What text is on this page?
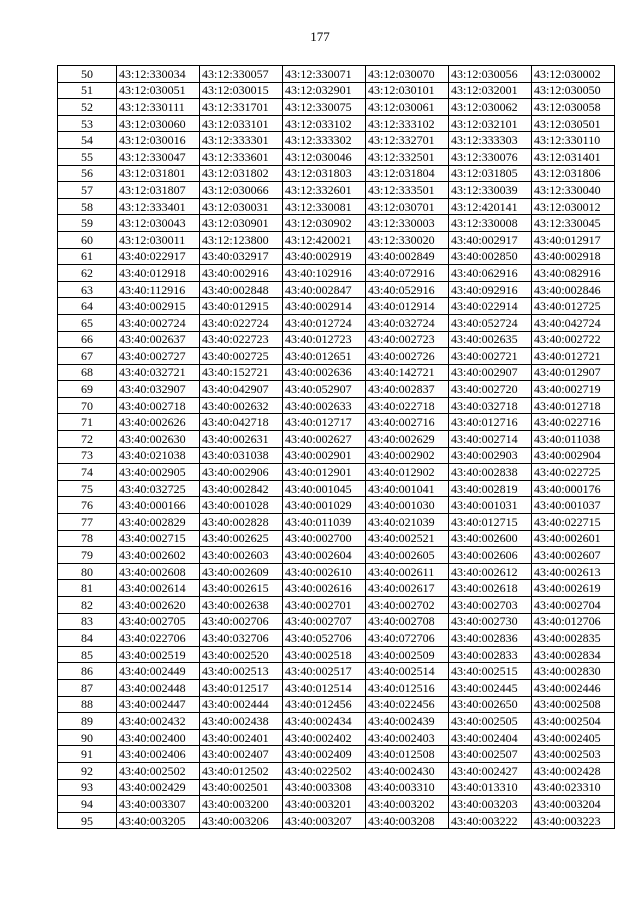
177
50	43:12:330034	43:12:330057	43:12:330071	43:12:030070	43:12:030056	43:12:030002
51	43:12:030051	43:12:030015	43:12:032901	43:12:030101	43:12:032001	43:12:030050
52	43:12:330111	43:12:331701	43:12:330075	43:12:030061	43:12:030062	43:12:030058
53	43:12:030060	43:12:033101	43:12:033102	43:12:333102	43:12:032101	43:12:030501
54	43:12:030016	43:12:333301	43:12:333302	43:12:332701	43:12:333303	43:12:330110
55	43:12:330047	43:12:333601	43:12:030046	43:12:332501	43:12:330076	43:12:031401
56	43:12:031801	43:12:031802	43:12:031803	43:12:031804	43:12:031805	43:12:031806
57	43:12:031807	43:12:030066	43:12:332601	43:12:333501	43:12:330039	43:12:330040
58	43:12:333401	43:12:030031	43:12:330081	43:12:030701	43:12:420141	43:12:030012
59	43:12:030043	43:12:030901	43:12:030902	43:12:330003	43:12:330008	43:12:330045
60	43:12:030011	43:12:123800	43:12:420021	43:12:330020	43:40:002917	43:40:012917
61	43:40:022917	43:40:032917	43:40:002919	43:40:002849	43:40:002850	43:40:002918
62	43:40:012918	43:40:002916	43:40:102916	43:40:072916	43:40:062916	43:40:082916
63	43:40:112916	43:40:002848	43:40:002847	43:40:052916	43:40:092916	43:40:002846
64	43:40:002915	43:40:012915	43:40:002914	43:40:012914	43:40:022914	43:40:012725
65	43:40:002724	43:40:022724	43:40:012724	43:40:032724	43:40:052724	43:40:042724
66	43:40:002637	43:40:022723	43:40:012723	43:40:002723	43:40:002635	43:40:002722
67	43:40:002727	43:40:002725	43:40:012651	43:40:002726	43:40:002721	43:40:012721
68	43:40:032721	43:40:152721	43:40:002636	43:40:142721	43:40:002907	43:40:012907
69	43:40:032907	43:40:042907	43:40:052907	43:40:002837	43:40:002720	43:40:002719
70	43:40:002718	43:40:002632	43:40:002633	43:40:022718	43:40:032718	43:40:012718
71	43:40:002626	43:40:042718	43:40:012717	43:40:002716	43:40:012716	43:40:022716
72	43:40:002630	43:40:002631	43:40:002627	43:40:002629	43:40:002714	43:40:011038
73	43:40:021038	43:40:031038	43:40:002901	43:40:002902	43:40:002903	43:40:002904
74	43:40:002905	43:40:002906	43:40:012901	43:40:012902	43:40:002838	43:40:022725
75	43:40:032725	43:40:002842	43:40:001045	43:40:001041	43:40:002819	43:40:000176
76	43:40:000166	43:40:001028	43:40:001029	43:40:001030	43:40:001031	43:40:001037
77	43:40:002829	43:40:002828	43:40:011039	43:40:021039	43:40:012715	43:40:022715
78	43:40:002715	43:40:002625	43:40:002700	43:40:002521	43:40:002600	43:40:002601
79	43:40:002602	43:40:002603	43:40:002604	43:40:002605	43:40:002606	43:40:002607
80	43:40:002608	43:40:002609	43:40:002610	43:40:002611	43:40:002612	43:40:002613
81	43:40:002614	43:40:002615	43:40:002616	43:40:002617	43:40:002618	43:40:002619
82	43:40:002620	43:40:002638	43:40:002701	43:40:002702	43:40:002703	43:40:002704
83	43:40:002705	43:40:002706	43:40:002707	43:40:002708	43:40:002730	43:40:012706
84	43:40:022706	43:40:032706	43:40:052706	43:40:072706	43:40:002836	43:40:002835
85	43:40:002519	43:40:002520	43:40:002518	43:40:002509	43:40:002833	43:40:002834
86	43:40:002449	43:40:002513	43:40:002517	43:40:002514	43:40:002515	43:40:002830
87	43:40:002448	43:40:012517	43:40:012514	43:40:012516	43:40:002445	43:40:002446
88	43:40:002447	43:40:002444	43:40:012456	43:40:022456	43:40:002650	43:40:002508
89	43:40:002432	43:40:002438	43:40:002434	43:40:002439	43:40:002505	43:40:002504
90	43:40:002400	43:40:002401	43:40:002402	43:40:002403	43:40:002404	43:40:002405
91	43:40:002406	43:40:002407	43:40:002409	43:40:012508	43:40:002507	43:40:002503
92	43:40:002502	43:40:012502	43:40:022502	43:40:002430	43:40:002427	43:40:002428
93	43:40:002429	43:40:002501	43:40:003308	43:40:003310	43:40:013310	43:40:023310
94	43:40:003307	43:40:003200	43:40:003201	43:40:003202	43:40:003203	43:40:003204
95	43:40:003205	43:40:003206	43:40:003207	43:40:003208	43:40:003222	43:40:003223
